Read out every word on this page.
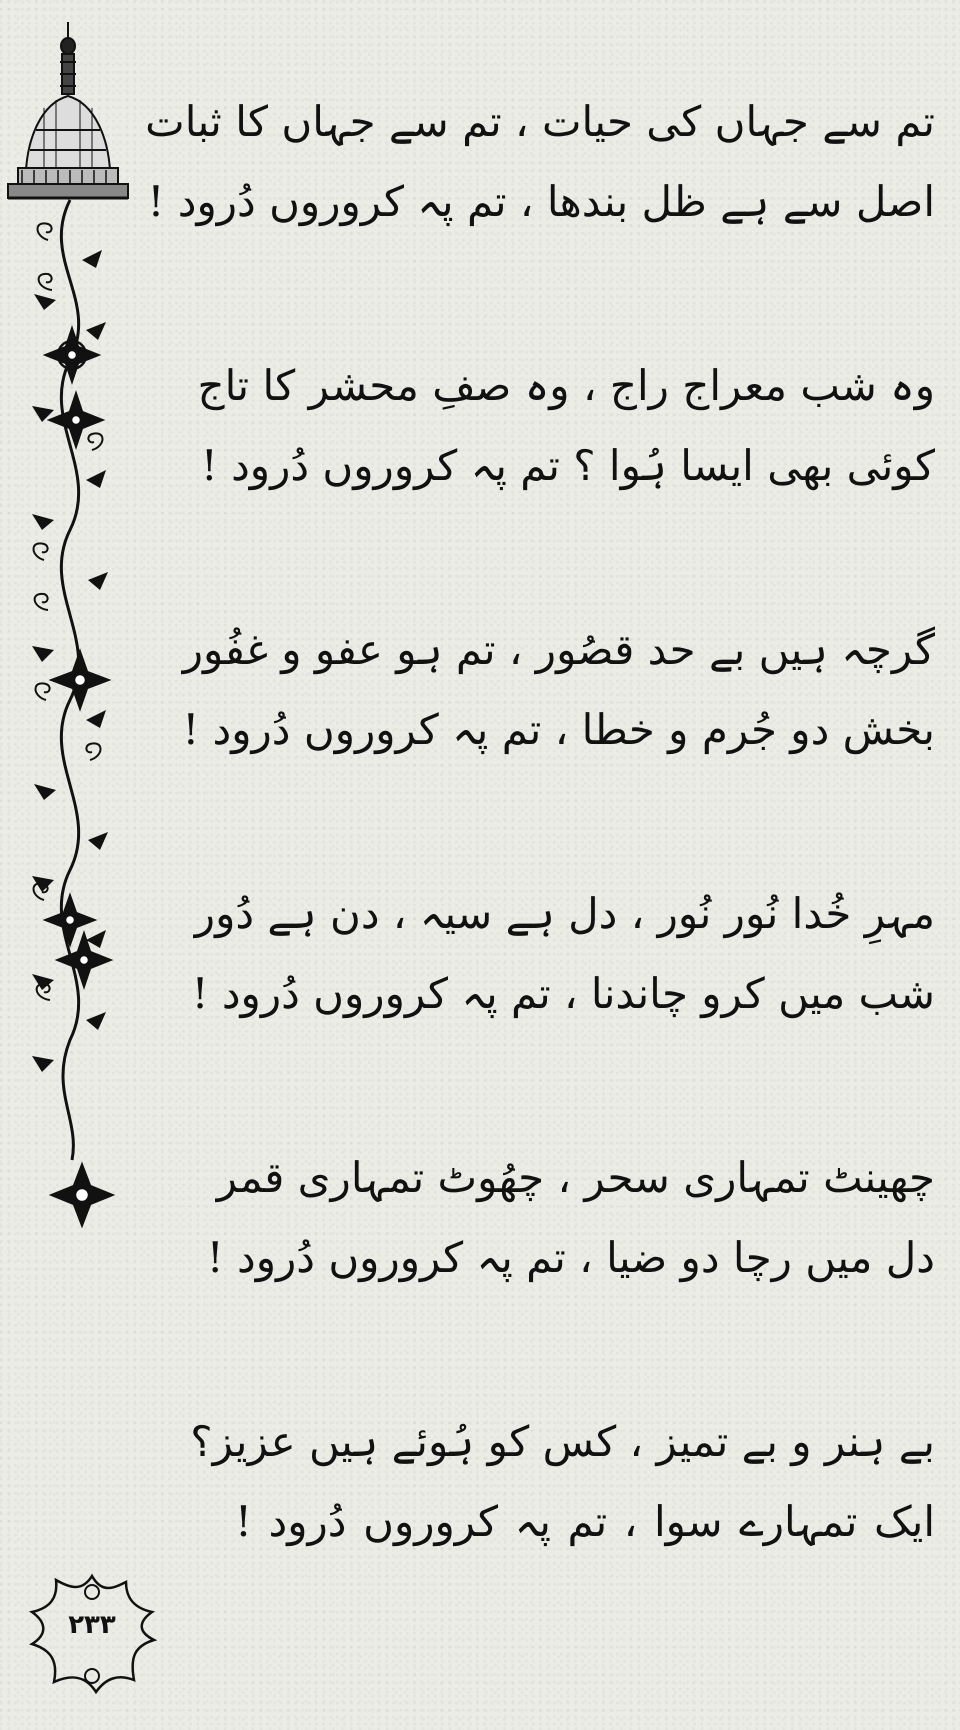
۲۳۳
تم سے جہاں کی حیات ، تم سے جہاں کا ثبات
اصل سے ہے ظل بندھا ، تم پہ کروروں دُرود !
وہ شب معراج راج ، وہ صفِ محشر کا تاج
کوئی بھی ایسا ہُوا ؟ تم پہ کروروں دُرود !
گرچہ ہیں بے حد قصُور ، تم ہو عفو و غفُور
بخش دو جُرم و خطا ، تم پہ کروروں دُرود !
مہرِ خُدا نُور نُور ، دل ہے سیہ ، دن ہے دُور
شب میں کرو چاندنا ، تم پہ کروروں دُرود !
چھینٹ تمہاری سحر ، چھُوٹ تمہاری قمر
دل میں رچا دو ضیا ، تم پہ کروروں دُرود !
بے ہنر و بے تمیز ، کس کو ہُوئے ہیں عزیز؟
ایک تمہارے سوا ، تم پہ کروروں دُرود !
